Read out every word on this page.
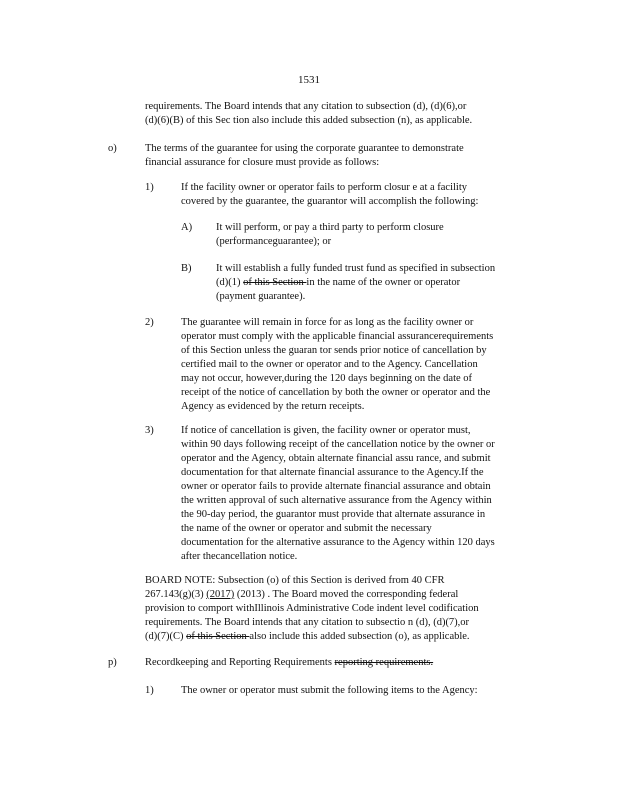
1531
requirements. The Board intends that any citation to subsection (d), (d)(6),or
(d)(6)(B) of this Sec tion also include this added subsection (n), as applicable.
o)	The terms of the guarantee for using the corporate guarantee to demonstrate
financial assurance for closure must provide as follows:
1)	If the facility owner or operator fails to perform closur e at a facility
covered by the guarantee, the guarantor will accomplish the following:
A) It will perform, or pay a third party to perform closure
(performanceguarantee); or
B) It will establish a fully funded trust fund as specified in subsection
(d)(1) of this Section in the name of the owner or operator
(payment guarantee).
2)	The guarantee will remain in force for as long as the facility owner or
operator must comply with the applicable financial assurancerequirements
of this Section unless the guaran tor sends prior notice of cancellation by
certified mail to the owner or operator and to the Agency. Cancellation
may not occur, however,during the 120 days beginning on the date of
receipt of the notice of cancellation by both the owner or operator and the
Agency as evidenced by the return receipts.
3)	If notice of cancellation is given, the facility owner or operator must,
within 90 days following receipt of the cancellation notice by the owner or
operator and the Agency, obtain alternate financial assu rance, and submit
documentation for that alternate financial assurance to the Agency.If the
owner or operator fails to provide alternate financial assurance and obtain
the written approval of such alternative assurance from the Agency within
the 90-day period, the guarantor must provide that alternate assurance in
the name of the owner or operator and submit the necessary
documentation for the alternative assurance to the Agency within 120 days
after thecancellation notice.
BOARD NOTE: Subsection (o) of this Section is derived from 40 CFR
267.143(g)(3) (2017) (2013) . The Board moved the corresponding federal
provision to comport withIllinois Administrative Code indent level codification
requirements. The Board intends that any citation to subsectio n (d), (d)(7),or
(d)(7)(C) of this Section also include this added subsection (o), as applicable.
p)	Recordkeeping and Reporting Requirements reporting requirements.
1)	The owner or operator must submit the following items to the Agency:
